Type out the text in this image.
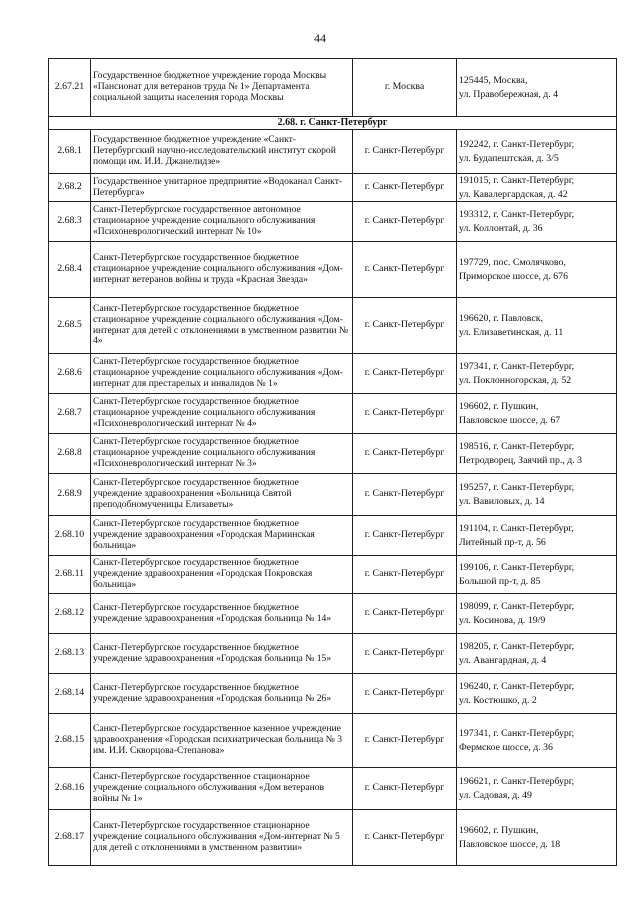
44
2.67.21	Государственное бюджетное учреждение города Москвы «Пансионат для ветеранов труда № 1» Департамента социальной защиты населения города Москвы	г. Москва	125445, Москва,
ул. Правобережная, д. 4
2.68. г. Санкт-Петербург			
2.68.1	Государственное бюджетное учреждение «Санкт-Петербургский научно-исследовательский институт скорой помощи им. И.И. Джанелидзе»	г. Санкт-Петербург	192242, г. Санкт-Петербург,
ул. Будапештская, д. 3/5
2.68.2	Государственное унитарное предприятие «Водоканал Санкт-Петербурга»	г. Санкт-Петербург	191015, г. Санкт-Петербург,
ул. Кавалергардская, д. 42
2.68.3	Санкт-Петербургское государственное автономное стационарное учреждение социального обслуживания «Психоневрологический интернат № 10»	г. Санкт-Петербург	193312, г. Санкт-Петербург,
ул. Коллонтай, д. 36
2.68.4	Санкт-Петербургское государственное бюджетное стационарное учреждение социального обслуживания «Дом-интернат ветеранов войны и труда «Красная Звезда»	г. Санкт-Петербург	197729, пос. Смолячково,
Приморское шоссе, д. 676
2.68.5	Санкт-Петербургское государственное бюджетное стационарное учреждение социального обслуживания «Дом-интернат для детей с отклонениями в умственном развитии № 4»	г. Санкт-Петербург	196620, г. Павловск,
ул. Елизаветинская, д. 11
2.68.6	Санкт-Петербургское государственное бюджетное стационарное учреждение социального обслуживания «Дом-интернат для престарелых и инвалидов № 1»	г. Санкт-Петербург	197341, г. Санкт-Петербург,
ул. Поклонногорская, д. 52
2.68.7	Санкт-Петербургское государственное бюджетное стационарное учреждение социального обслуживания «Психоневрологический интернат № 4»	г. Санкт-Петербург	196602, г. Пушкин,
Павловское шоссе, д. 67
2.68.8	Санкт-Петербургское государственное бюджетное стационарное учреждение социального обслуживания «Психоневрологический интернат № 3»	г. Санкт-Петербург	198516, г. Санкт-Петербург,
Петродворец, Заячий пр., д. 3
2.68.9	Санкт-Петербургское государственное бюджетное учреждение здравоохранения «Больница Святой преподобномученицы Елизаветы»	г. Санкт-Петербург	195257, г. Санкт-Петербург,
ул. Вавиловых, д. 14
2.68.10	Санкт-Петербургское государственное бюджетное учреждение здравоохранения «Городская Мариинская больница»	г. Санкт-Петербург	191104, г. Санкт-Петербург,
Литейный пр-т, д. 56
2.68.11	Санкт-Петербургское государственное бюджетное учреждение здравоохранения «Городская Покровская больница»	г. Санкт-Петербург	199106, г. Санкт-Петербург,
Большой пр-т, д. 85
2.68.12	Санкт-Петербургское государственное бюджетное учреждение здравоохранения «Городская больница № 14»	г. Санкт-Петербург	198099, г. Санкт-Петербург,
ул. Косинова, д. 19/9
2.68.13	Санкт-Петербургское государственное бюджетное учреждение здравоохранения «Городская больница № 15»	г. Санкт-Петербург	198205, г. Санкт-Петербург,
ул. Авангардная, д. 4
2.68.14	Санкт-Петербургское государственное бюджетное учреждение здравоохранения «Городская больница № 26»	г. Санкт-Петербург	196240, г. Санкт-Петербург,
ул. Костюшко, д. 2
2.68.15	Санкт-Петербургское государственное казенное учреждение здравоохранения «Городская психиатрическая больница № 3 им. И.И. Скворцова-Степанова»	г. Санкт-Петербург	197341, г. Санкт-Петербург,
Фермское шоссе, д. 36
2.68.16	Санкт-Петербургское государственное стационарное учреждение социального обслуживания «Дом ветеранов войны № 1»	г. Санкт-Петербург	196621, г. Санкт-Петербург,
ул. Садовая, д. 49
2.68.17	Санкт-Петербургское государственное стационарное учреждение социального обслуживания «Дом-интернат № 5 для детей с отклонениями в умственном развитии»	г. Санкт-Петербург	196602, г. Пушкин,
Павловское шоссе, д. 18
